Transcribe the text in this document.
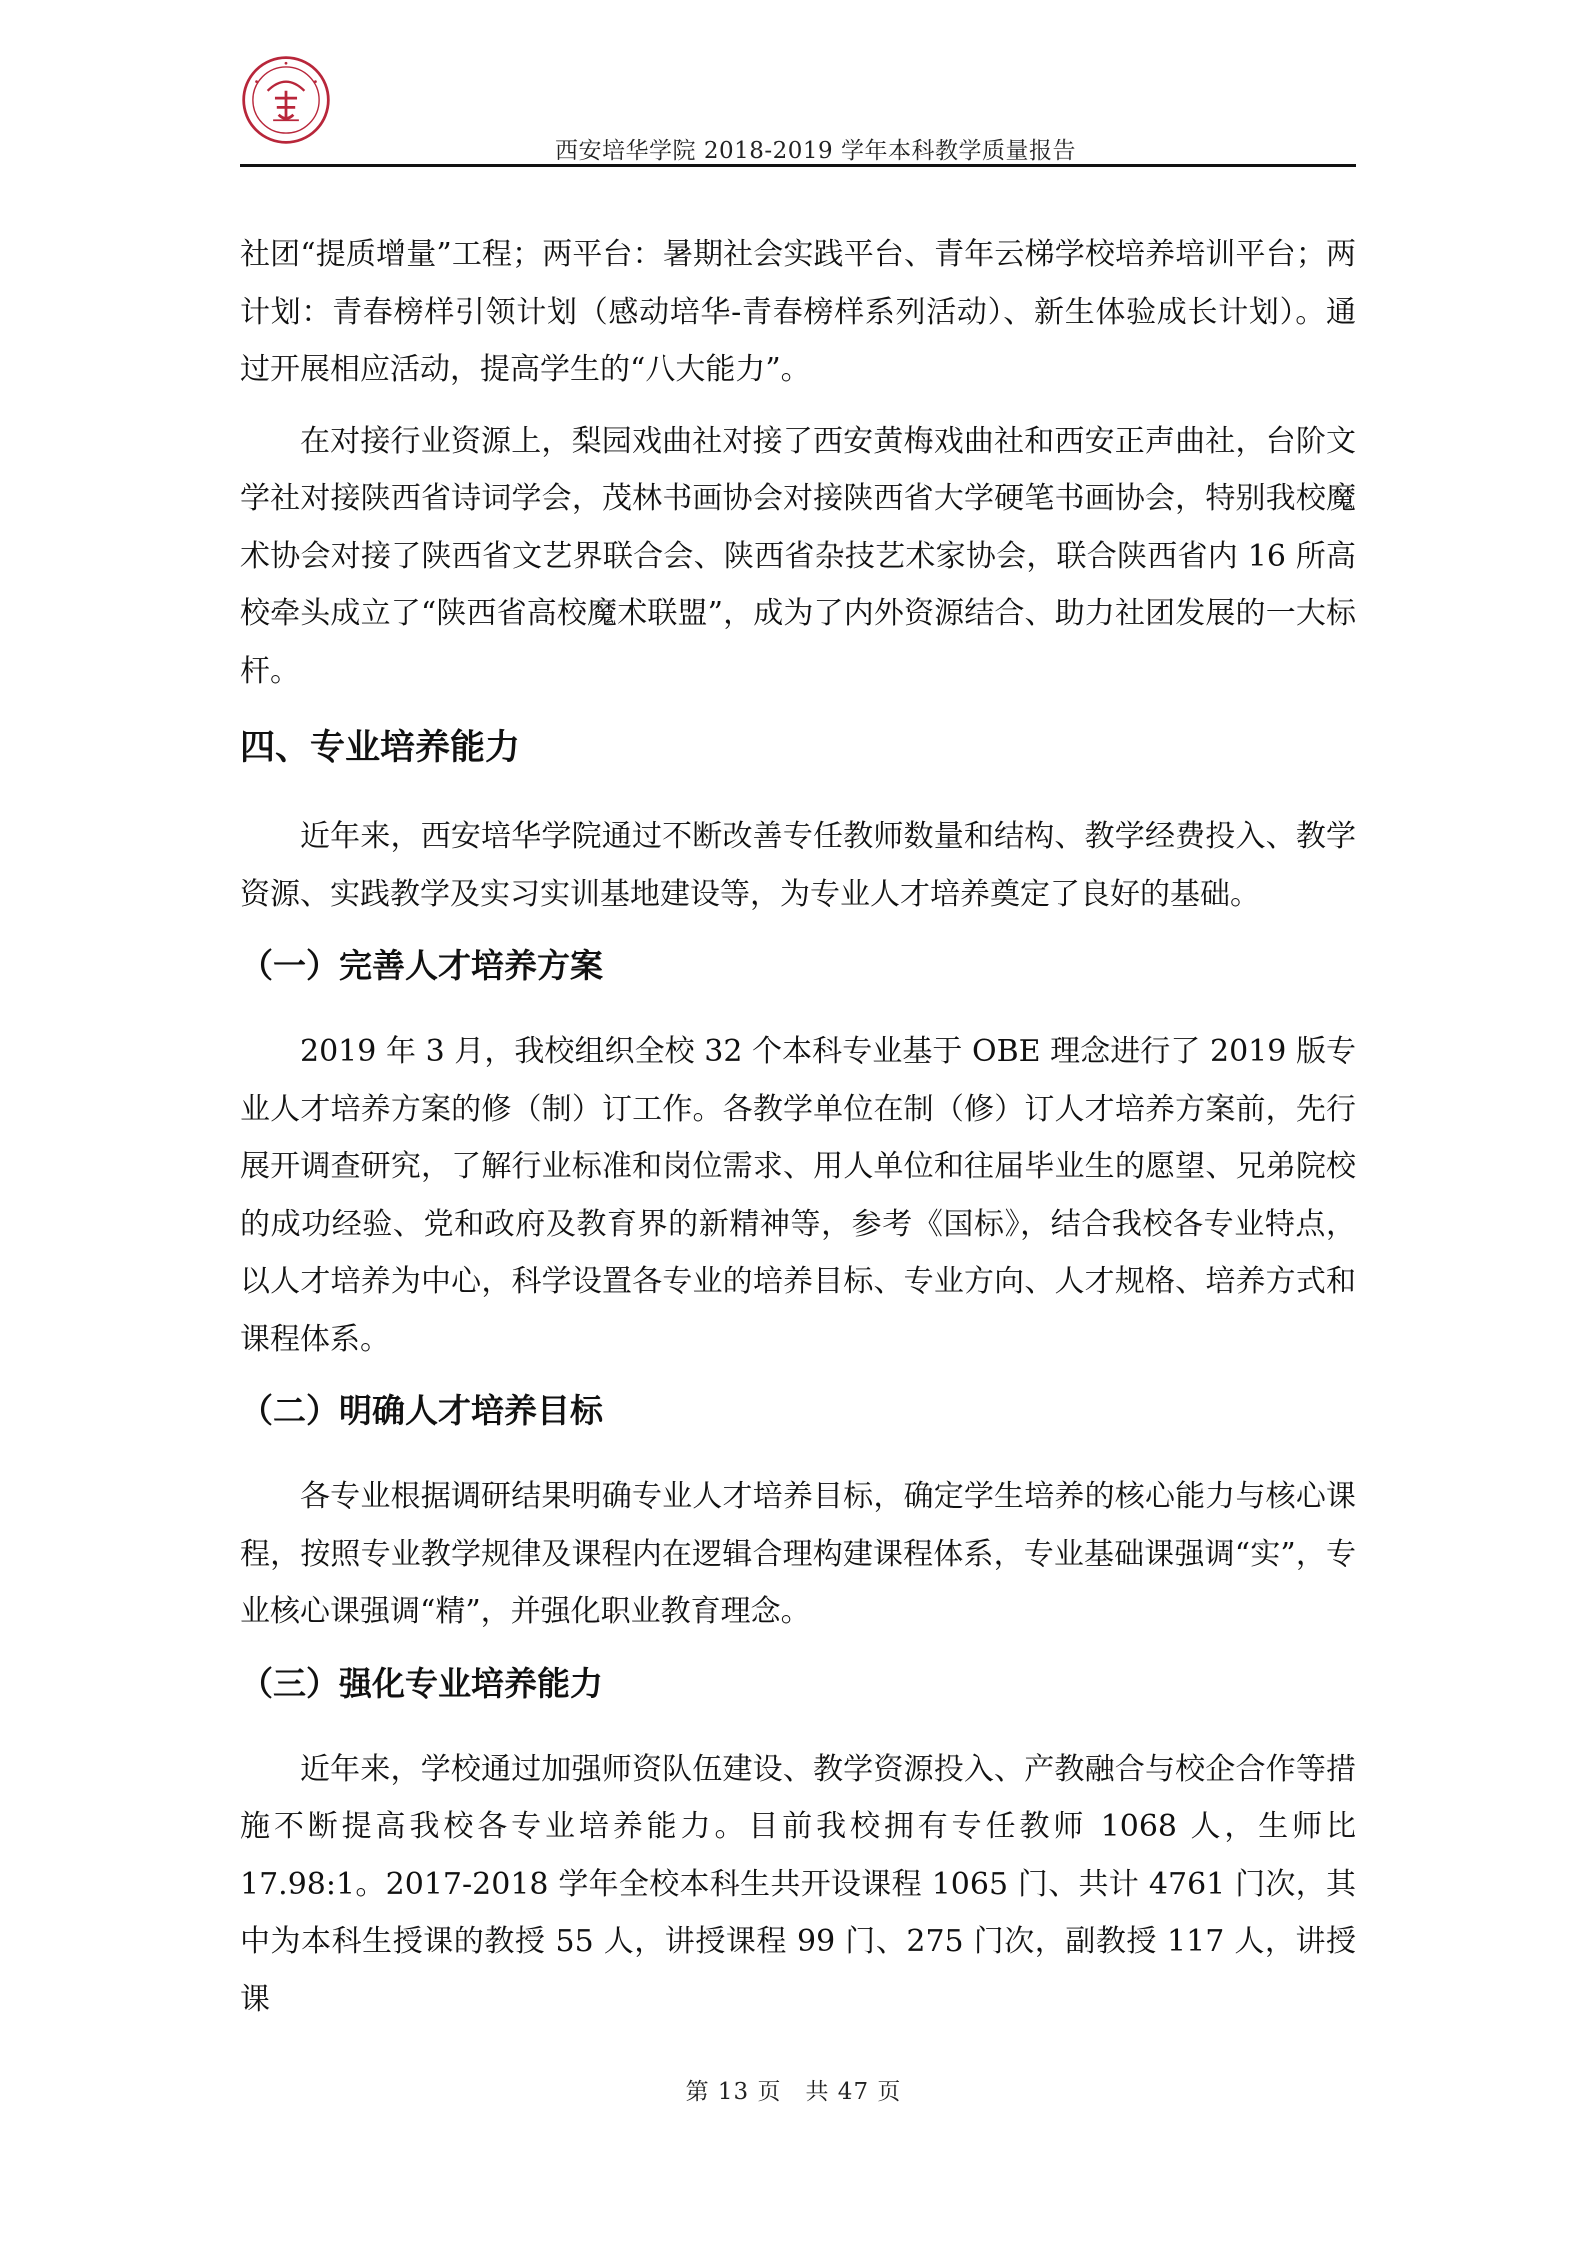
西安培华学院 2018-2019 学年本科教学质量报告

社团“提质增量”工程；两平台：暑期社会实践平台、青年云梯学校培养培训平台；两计划：青春榜样引领计划（感动培华-青春榜样系列活动）、新生体验成长计划）。通过开展相应活动，提高学生的“八大能力”。

在对接行业资源上，梨园戏曲社对接了西安黄梅戏曲社和西安正声曲社，台阶文学社对接陕西省诗词学会，茂林书画协会对接陕西省大学硬笔书画协会，特别我校魔术协会对接了陕西省文艺界联合会、陕西省杂技艺术家协会，联合陕西省内 16 所高校牵头成立了“陕西省高校魔术联盟”，成为了内外资源结合、助力社团发展的一大标杆。

四、专业培养能力

近年来，西安培华学院通过不断改善专任教师数量和结构、教学经费投入、教学资源、实践教学及实习实训基地建设等，为专业人才培养奠定了良好的基础。

（一）完善人才培养方案

2019 年 3 月，我校组织全校 32 个本科专业基于 OBE 理念进行了 2019 版专业人才培养方案的修（制）订工作。各教学单位在制（修）订人才培养方案前，先行展开调查研究，了解行业标准和岗位需求、用人单位和往届毕业生的愿望、兄弟院校的成功经验、党和政府及教育界的新精神等，参考《国标》，结合我校各专业特点，以人才培养为中心，科学设置各专业的培养目标、专业方向、人才规格、培养方式和课程体系。

（二）明确人才培养目标

各专业根据调研结果明确专业人才培养目标，确定学生培养的核心能力与核心课程，按照专业教学规律及课程内在逻辑合理构建课程体系，专业基础课强调“实”，专业核心课强调“精”，并强化职业教育理念。

（三）强化专业培养能力

近年来，学校通过加强师资队伍建设、教学资源投入、产教融合与校企合作等措施不断提高我校各专业培养能力。目前我校拥有专任教师 1068 人，生师比 17.98:1。2017-2018 学年全校本科生共开设课程 1065 门、共计 4761 门次，其中为本科生授课的教授 55 人，讲授课程 99 门、275 门次，副教授 117 人，讲授课

第 13 页　共 47 页
